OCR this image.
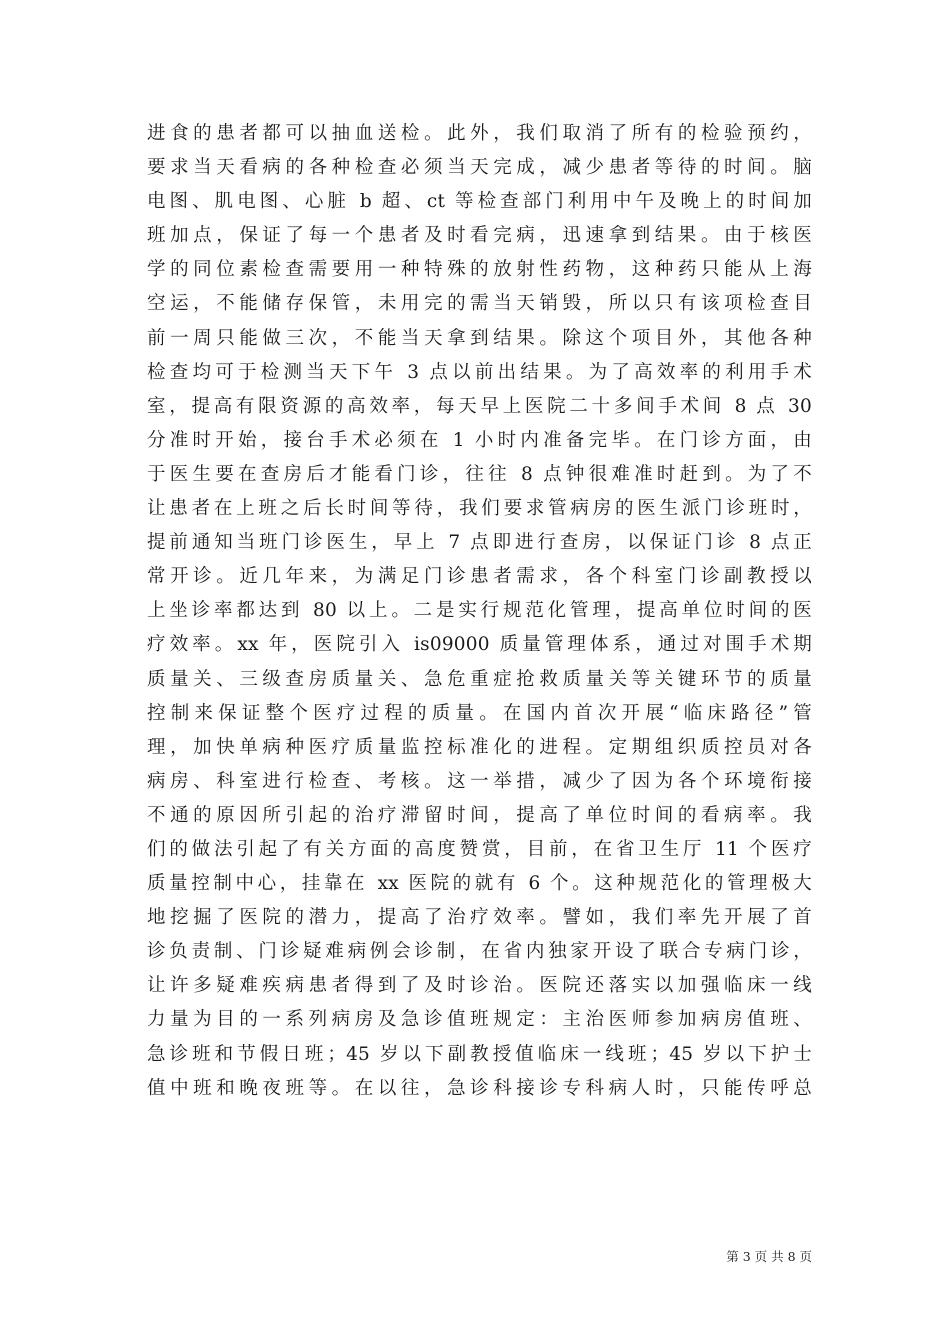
进食的患者都可以抽血送检。此外，我们取消了所有的检验预约，
要求当天看病的各种检查必须当天完成，减少患者等待的时间。脑
电图、肌电图、心脏 b 超、ct 等检查部门利用中午及晚上的时间加
班加点，保证了每一个患者及时看完病，迅速拿到结果。由于核医
学的同位素检查需要用一种特殊的放射性药物，这种药只能从上海
空运，不能储存保管，未用完的需当天销毁，所以只有该项检查目
前一周只能做三次，不能当天拿到结果。除这个项目外，其他各种
检查均可于检测当天下午 3 点以前出结果。为了高效率的利用手术
室，提高有限资源的高效率，每天早上医院二十多间手术间 8 点 30
分准时开始，接台手术必须在 1 小时内准备完毕。在门诊方面，由
于医生要在查房后才能看门诊，往往 8 点钟很难准时赶到。为了不
让患者在上班之后长时间等待，我们要求管病房的医生派门诊班时，
提前通知当班门诊医生，早上 7 点即进行查房，以保证门诊 8 点正
常开诊。近几年来，为满足门诊患者需求，各个科室门诊副教授以
上坐诊率都达到 80 以上。二是实行规范化管理，提高单位时间的医
疗效率。xx 年，医院引入 is09000 质量管理体系，通过对围手术期
质量关、三级查房质量关、急危重症抢救质量关等关键环节的质量
控制来保证整个医疗过程的质量。在国内首次开展“临床路径”管
理，加快单病种医疗质量监控标准化的进程。定期组织质控员对各
病房、科室进行检查、考核。这一举措，减少了因为各个环境衔接
不通的原因所引起的治疗滞留时间，提高了单位时间的看病率。我
们的做法引起了有关方面的高度赞赏，目前，在省卫生厅 11 个医疗
质量控制中心，挂靠在 xx 医院的就有 6 个。这种规范化的管理极大
地挖掘了医院的潜力，提高了治疗效率。譬如，我们率先开展了首
诊负责制、门诊疑难病例会诊制，在省内独家开设了联合专病门诊，
让许多疑难疾病患者得到了及时诊治。医院还落实以加强临床一线
力量为目的一系列病房及急诊值班规定：主治医师参加病房值班、
急诊班和节假日班；45 岁以下副教授值临床一线班；45 岁以下护士
值中班和晚夜班等。在以往，急诊科接诊专科病人时，只能传呼总
第 3 页 共 8 页
